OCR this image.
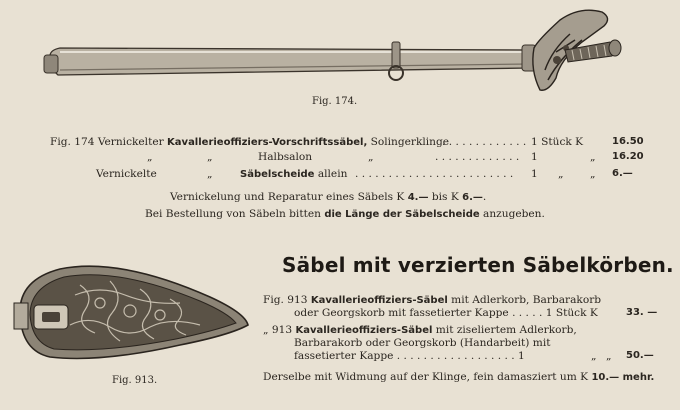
Fig. 174.
Fig. 174 Vernickelter Kavallerieoffiziers-Vorschriftssäbel, Solingerklinge
. . . . . . . . . . . . . 1 Stück K	16.50
„	„	Halbsalon	„	. . . . . . . . . . . . . 1	„ 16.20
Vernickelte	„	Säbelscheide allein . . . . . . . . . . . . . . . . . . . . . . . . 1 „	„ 6.—
Vernickelung und Reparatur eines Säbels K 4.— bis K 6.—.
Bei Bestellung von Säbeln bitten die Länge der Säbelscheide anzugeben.
Säbel mit verzierten Säbelkörben.
Fig. 913.
Fig. 913 Kavallerieoffiziers-Säbel mit Adlerkorb, Barbarakorb
oder Georgskorb mit fassetierter Kappe . . . . . 1 Stück K	33. —
„ 913 Kavallerieoffiziers-Säbel mit ziseliertem Adlerkorb,
Barbarakorb oder Georgskorb (Handarbeit) mit
fassetierter Kappe . . . . . . . . . . . . . . . . . . 1	„ „ 50.—
Derselbe mit Widmung auf der Klinge, fein damasziert um K 10.— mehr.
